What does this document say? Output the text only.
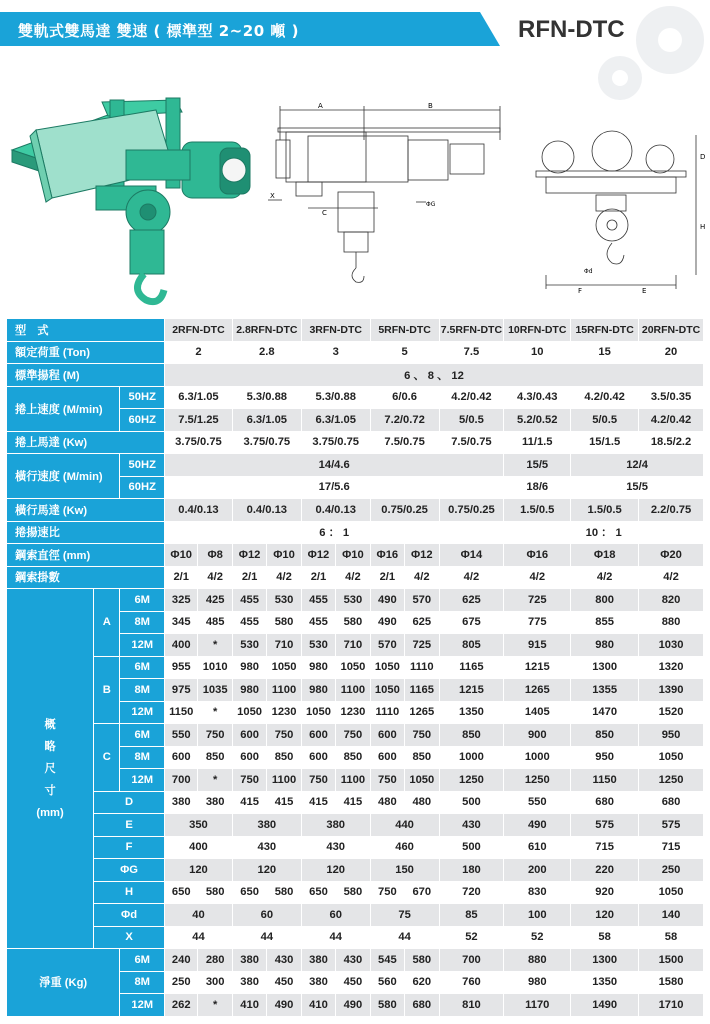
雙軌式雙馬達 雙速 ( 標準型 2~20 噸 )	RFN-DTC
A	B
C
X
ΦG
D
H
Φd
F	E
型　式			2RFN-DTC		2.8RFN-DTC		3RFN-DTC		5RFN-DTC		7.5RFN-DTC	10RFN-DTC	15RFN-DTC	20RFN-DTC
額定荷重 (Ton)			2		2.8		3		5		7.5	10	15	20
標準揚程 (M)			6 、 8 、 12											
捲上速度 (M/min)		50HZ	6.3/1.05		5.3/0.88		5.3/0.88		6/0.6		4.2/0.42	4.3/0.43	4.2/0.42	3.5/0.35
		60HZ	7.5/1.25		6.3/1.05		6.3/1.05		7.2/0.72		5/0.5	5.2/0.52	5/0.5	4.2/0.42
捲上馬達 (Kw)			3.75/0.75		3.75/0.75		3.75/0.75		7.5/0.75		7.5/0.75	11/1.5	15/1.5	18.5/2.2
橫行速度 (M/min)		50HZ	14/4.6									15/5	12/4	
		60HZ	17/5.6									18/6	15/5	
橫行馬達 (Kw)			0.4/0.13		0.4/0.13		0.4/0.13		0.75/0.25		0.75/0.25	1.5/0.5	1.5/0.5	2.2/0.75
捲揚速比			6 ： 1									10 ： 1		
鋼索直徑 (mm)			Φ10	Φ8	Φ12	Φ10	Φ12	Φ10	Φ16	Φ12	Φ14	Φ16	Φ18	Φ20
鋼索掛數			2/1	4/2	2/1	4/2	2/1	4/2	2/1	4/2	4/2	4/2	4/2	4/2
概
略
尺
寸
(mm)	A	6M	325	425	455	530	455	530	490	570	625	725	800	820
		8M	345	485	455	580	455	580	490	625	675	775	855	880
		12M	400	*	530	710	530	710	570	725	805	915	980	1030
	B	6M	955	1010	980	1050	980	1050	1050	1110	1165	1215	1300	1320
		8M	975	1035	980	1100	980	1100	1050	1165	1215	1265	1355	1390
		12M	1150	*	1050	1230	1050	1230	1110	1265	1350	1405	1470	1520
	C	6M	550	750	600	750	600	750	600	750	850	900	850	950
		8M	600	850	600	850	600	850	600	850	1000	1000	950	1050
		12M	700	*	750	1100	750	1100	750	1050	1250	1250	1150	1250
	D		380	380	415	415	415	415	480	480	500	550	680	680
	E		350		380		380		440		430	490	575	575
	F		400		430		430		460		500	610	715	715
	ΦG		120		120		120		150		180	200	220	250
	H		650	580	650	580	650	580	750	670	720	830	920	1050
	Φd		40		60		60		75		85	100	120	140
	X		44		44		44		44		52	52	58	58
淨重 (Kg)		6M	240	280	380	430	380	430	545	580	700	880	1300	1500
		8M	250	300	380	450	380	450	560	620	760	980	1350	1580
		12M	262	*	410	490	410	490	580	680	810	1170	1490	1710
